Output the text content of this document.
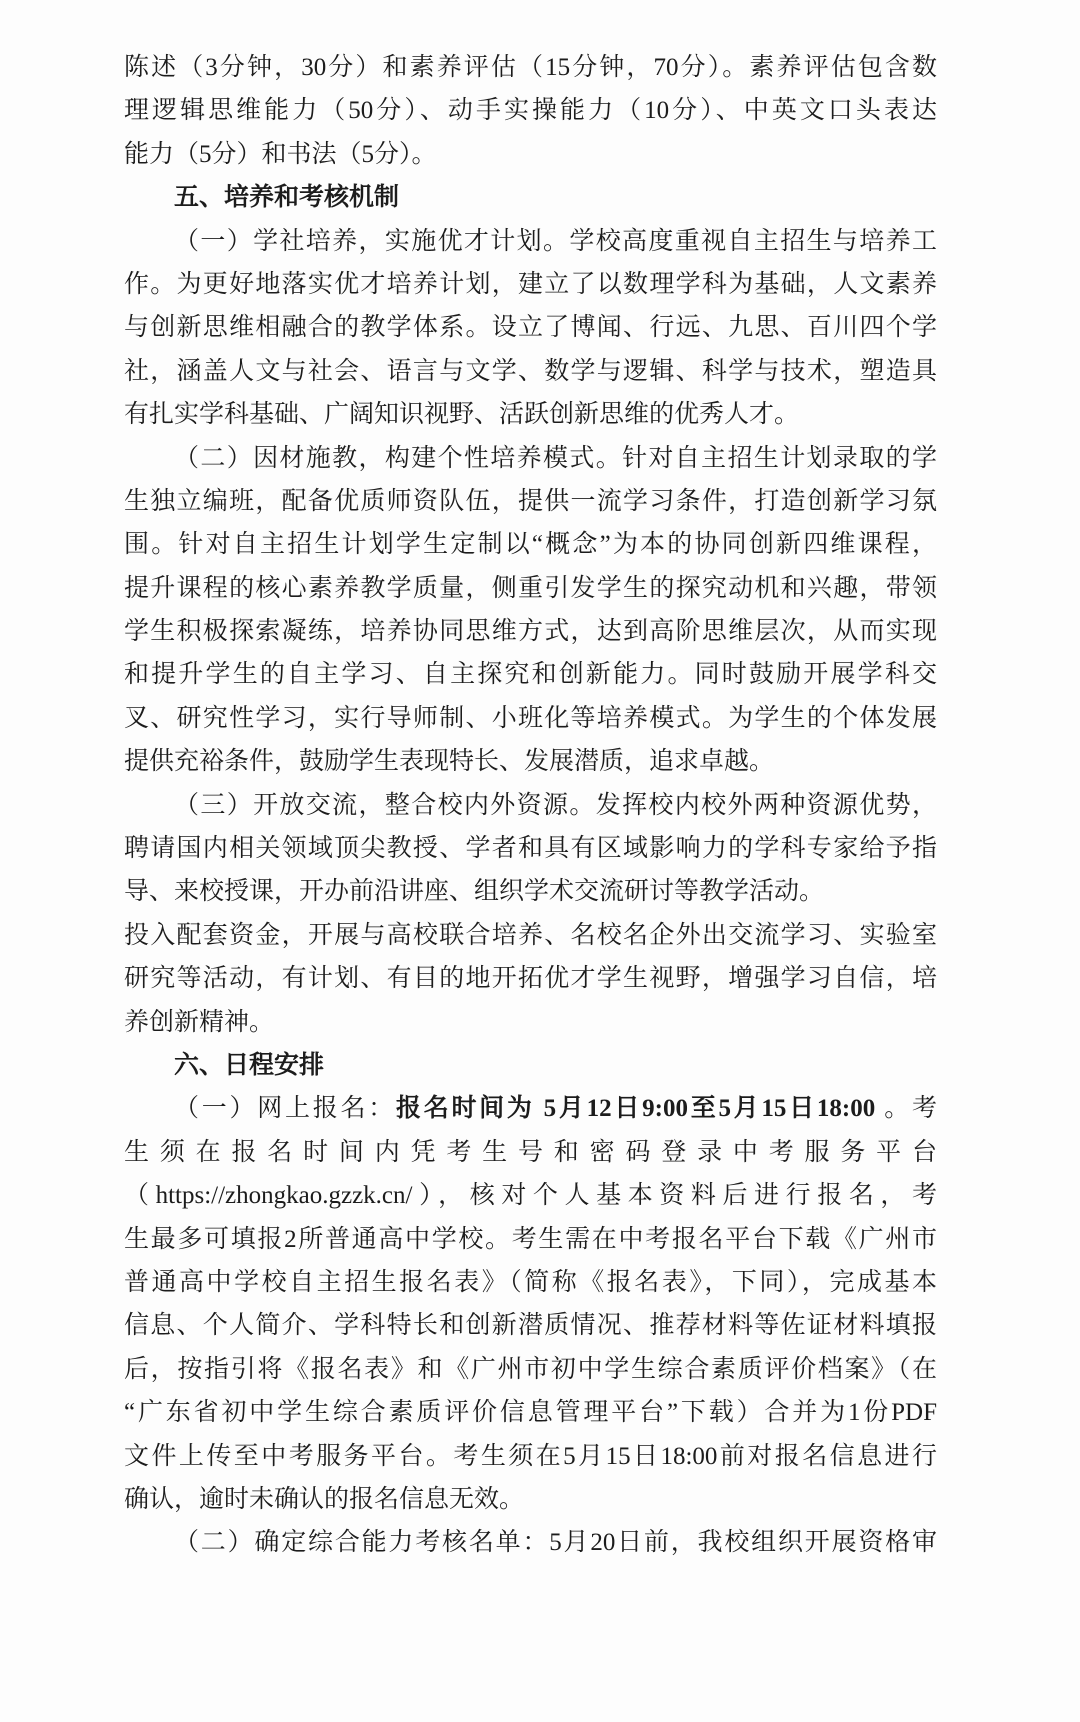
陈述（3分钟，30分）和素养评估（15分钟，70分）。素养评估包含数
理逻辑思维能力（50分）、动手实操能力（10分）、中英文口头表达
能力（5分）和书法（5分）。
五、培养和考核机制
（一）学社培养，实施优才计划。学校高度重视自主招生与培养工
作。为更好地落实优才培养计划，建立了以数理学科为基础，人文素养
与创新思维相融合的教学体系。设立了博闻、行远、九思、百川四个学
社，涵盖人文与社会、语言与文学、数学与逻辑、科学与技术，塑造具
有扎实学科基础、广阔知识视野、活跃创新思维的优秀人才。
（二）因材施教，构建个性培养模式。针对自主招生计划录取的学
生独立编班，配备优质师资队伍，提供一流学习条件，打造创新学习氛
围。针对自主招生计划学生定制以“概念”为本的协同创新四维课程，
提升课程的核心素养教学质量，侧重引发学生的探究动机和兴趣，带领
学生积极探索凝练，培养协同思维方式，达到高阶思维层次，从而实现
和提升学生的自主学习、自主探究和创新能力。同时鼓励开展学科交
叉、研究性学习，实行导师制、小班化等培养模式。为学生的个体发展
提供充裕条件，鼓励学生表现特长、发展潜质，追求卓越。
（三）开放交流，整合校内外资源。发挥校内校外两种资源优势，
聘请国内相关领域顶尖教授、学者和具有区域影响力的学科专家给予指
导、来校授课，开办前沿讲座、组织学术交流研讨等教学活动。
投入配套资金，开展与高校联合培养、名校名企外出交流学习、实验室
研究等活动，有计划、有目的地开拓优才学生视野，增强学习自信，培
养创新精神。
六、日程安排
（一）网上报名：报名时间为 5月12日9:00至5月15日18:00 。考
生须在报名时间内凭考生号和密码登录中考服务平台
（https://zhongkao.gzzk.cn/），核对个人基本资料后进行报名，考
生最多可填报2所普通高中学校。考生需在中考报名平台下载《广州市
普通高中学校自主招生报名表》（简称《报名表》，下同），完成基本
信息、个人简介、学科特长和创新潜质情况、推荐材料等佐证材料填报
后，按指引将《报名表》和《广州市初中学生综合素质评价档案》（在
“广东省初中学生综合素质评价信息管理平台”下载）合并为1份PDF
文件上传至中考服务平台。考生须在5月15日18:00前对报名信息进行
确认，逾时未确认的报名信息无效。
（二）确定综合能力考核名单：5月20日前，我校组织开展资格审
